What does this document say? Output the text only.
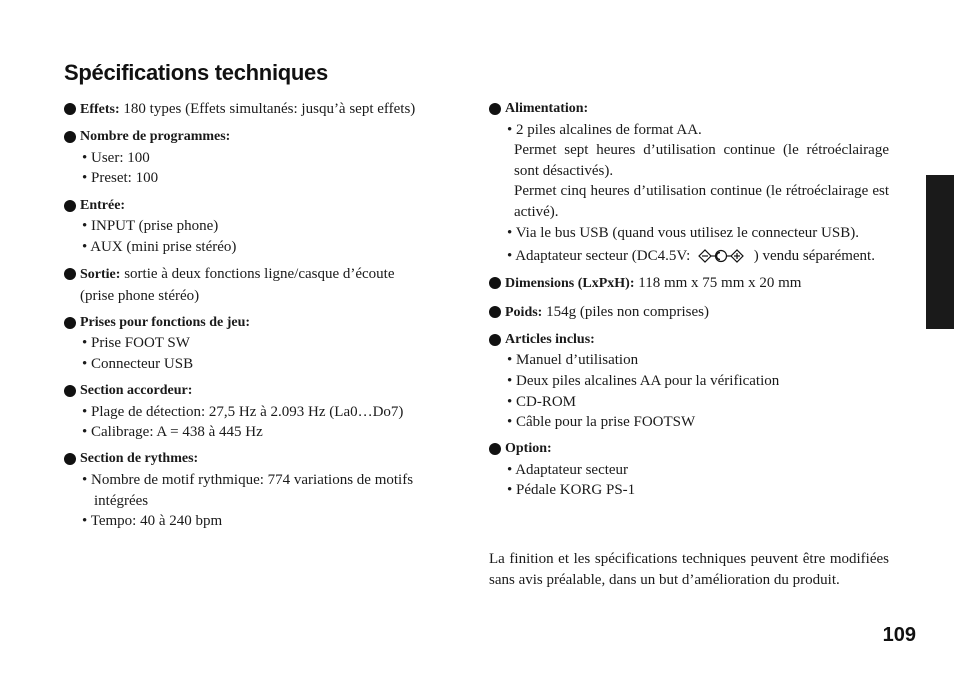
Spécifications techniques
Effets: 180 types (Effets simultanés: jusqu’à sept effets)
Nombre de programmes:
• User: 100
• Preset: 100
Entrée:
• INPUT (prise phone)
• AUX (mini prise stéréo)
Sortie: sortie à deux fonctions ligne/casque d’écoute
(prise phone stéréo)
Prises pour fonctions de jeu:
• Prise FOOT SW
• Connecteur USB
Section accordeur:
• Plage de détection: 27,5 Hz à 2.093 Hz (La0…Do7)
• Calibrage: A = 438 à 445 Hz
Section de rythmes:
• Nombre de motif rythmique: 774 variations de motifs intégrées
• Tempo: 40 à 240 bpm
Alimentation:
• 2 piles alcalines de format AA.
Permet sept heures d’utilisation continue (le rétroéclairage sont désactivés).
Permet cinq heures d’utilisation continue (le rétroéclairage est activé).
• Via le bus USB (quand vous utilisez le connecteur USB).
• Adaptateur secteur (DC4.5V:	) vendu séparément.
Dimensions (LxPxH): 118 mm x 75 mm x 20 mm
Poids: 154g (piles non comprises)
Articles inclus:
• Manuel d’utilisation
• Deux piles alcalines AA pour la vérification
• CD-ROM
• Câble pour la prise FOOTSW
Option:
• Adaptateur secteur
• Pédale KORG PS-1
La finition et les spécifications techniques peuvent être modifiées sans avis préalable, dans un but d’amélioration du produit.
109
